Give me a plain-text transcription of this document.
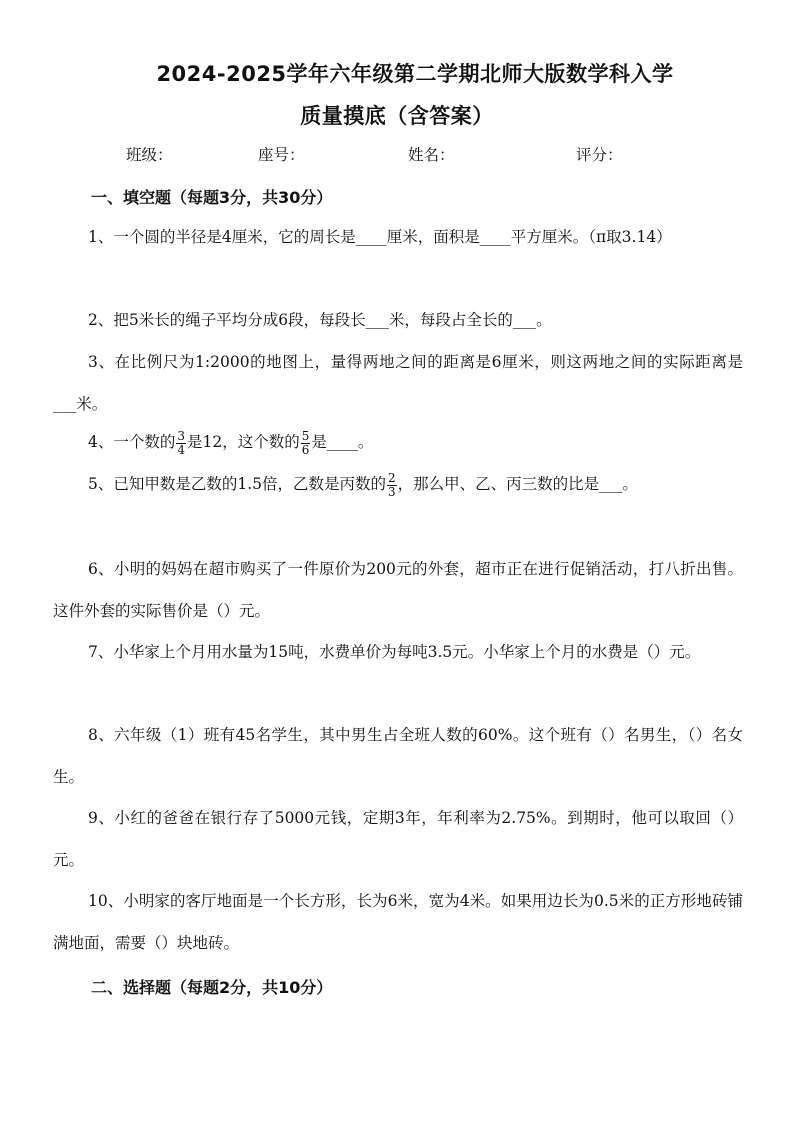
2024-2025学年六年级第二学期北师大版数学科入学
质量摸底（含答案）
班级：	座号：	姓名：	评分：
一、填空题（每题3分，共30分）
1、一个圆的半径是4厘米，它的周长是____厘米，面积是____平方厘米。（π取3.14）
2、把5米长的绳子平均分成6段，每段长___米，每段占全长的___。
3、在比例尺为1:2000的地图上，量得两地之间的距离是6厘米，则这两地之间的实际距离是___米。
4、一个数的 $\frac{3}{4}$ 是12，这个数的 $\frac{5}{6}$ 是____。
5、已知甲数是乙数的1.5倍，乙数是丙数的 $\frac{2}{3}$ ，那么甲、乙、丙三数的比是___。
6、小明的妈妈在超市购买了一件原价为200元的外套，超市正在进行促销活动，打八折出售。这件外套的实际售价是（）元。
7、小华家上个月用水量为15吨，水费单价为每吨3.5元。小华家上个月的水费是（）元。
8、六年级（1）班有45名学生，其中男生占全班人数的60%。这个班有（）名男生，（）名女生。
9、小红的爸爸在银行存了5000元钱，定期3年，年利率为2.75%。到期时，他可以取回（）元。
10、小明家的客厅地面是一个长方形，长为6米，宽为4米。如果用边长为0.5米的正方形地砖铺满地面，需要（）块地砖。
二、选择题（每题2分，共10分）
